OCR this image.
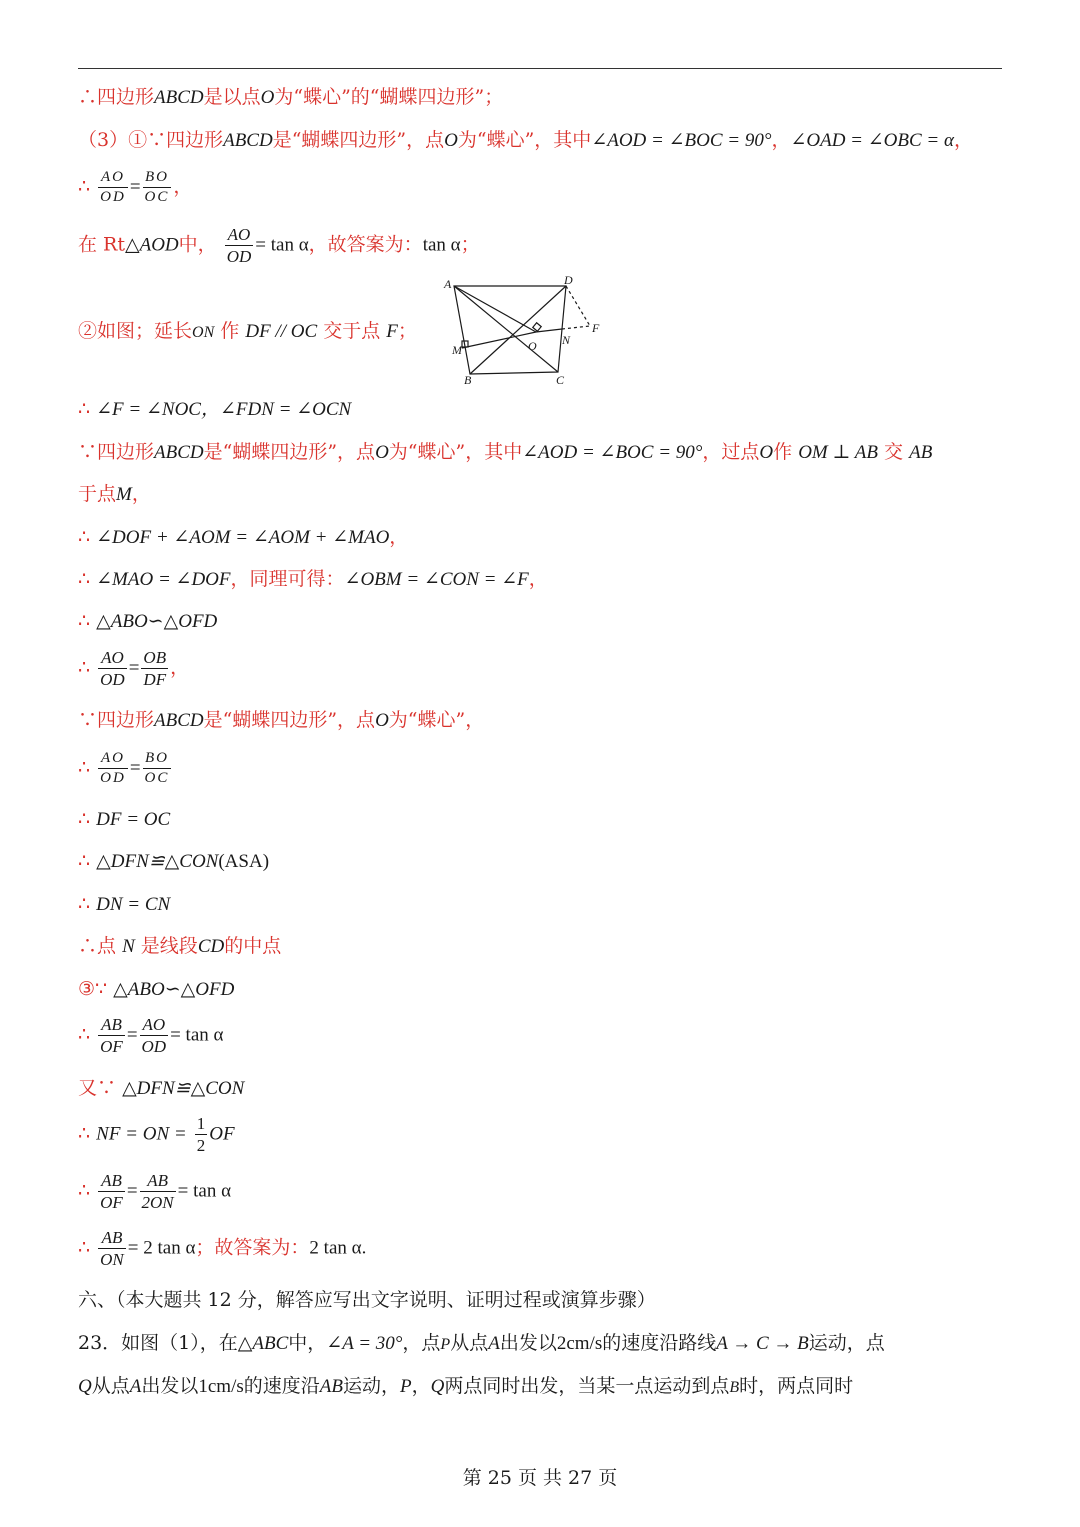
∴四边形ABCD是以点O为“蝶心”的“蝴蝶四边形”；
（3）①∵四边形ABCD是“蝴蝶四边形”，点O为“蝶心”，其中∠AOD = ∠BOC = 90°，∠OAD = ∠OBC = α，
∴ $\frac{AO}{OD} = \frac{BO}{OC}$ ，
在 Rt△AOD中， $\frac{AO}{OD} = \tan \alpha$，故答案为：tan α；
A	D
F
N
O
M
B	C
②如图；延长ON 作 DF // OC 交于点 F；
∴ ∠F = ∠NOC，∠FDN = ∠OCN
∵四边形ABCD是“蝴蝶四边形”，点O为“蝶心”，其中∠AOD = ∠BOC = 90°，过点O作 OM ⊥ AB 交 AB
于点M，
∴ ∠DOF + ∠AOM = ∠AOM + ∠MAO，
∴ ∠MAO = ∠DOF，同理可得：∠OBM = ∠CON = ∠F，
∴ △ABO∽△OFD
∴ $\frac{AO}{OD} = \frac{OB}{DF}$ ，
∵四边形ABCD是“蝴蝶四边形”，点O为“蝶心”，
∴ $\frac{AO}{OD} = \frac{BO}{OC}$
∴ DF = OC
∴ △DFN≌△CON(ASA)
∴ DN = CN
∴点 N 是线段CD的中点
③∵ △ABO∽△OFD
∴ $\frac{AB}{OF} = \frac{AO}{OD} = \tan \alpha$
又∵ △DFN≌△CON
∴ NF = ON = $\frac{1}{2}$ OF
∴ $\frac{AB}{OF} = \frac{AB}{2ON} = \tan \alpha$
∴ $\frac{AB}{ON} = 2$ tan α；故答案为：2 tan α.
六、（本大题共 12 分，解答应写出文字说明、证明过程或演算步骤）
23．如图（1），在△ABC中，∠A = 30°，点P从点A出发以2cm/s的速度沿路线A → C → B运动，点
Q从点A出发以1cm/s的速度沿AB运动，P，Q两点同时出发，当某一点运动到点B时，两点同时
第 25 页 共 27 页
